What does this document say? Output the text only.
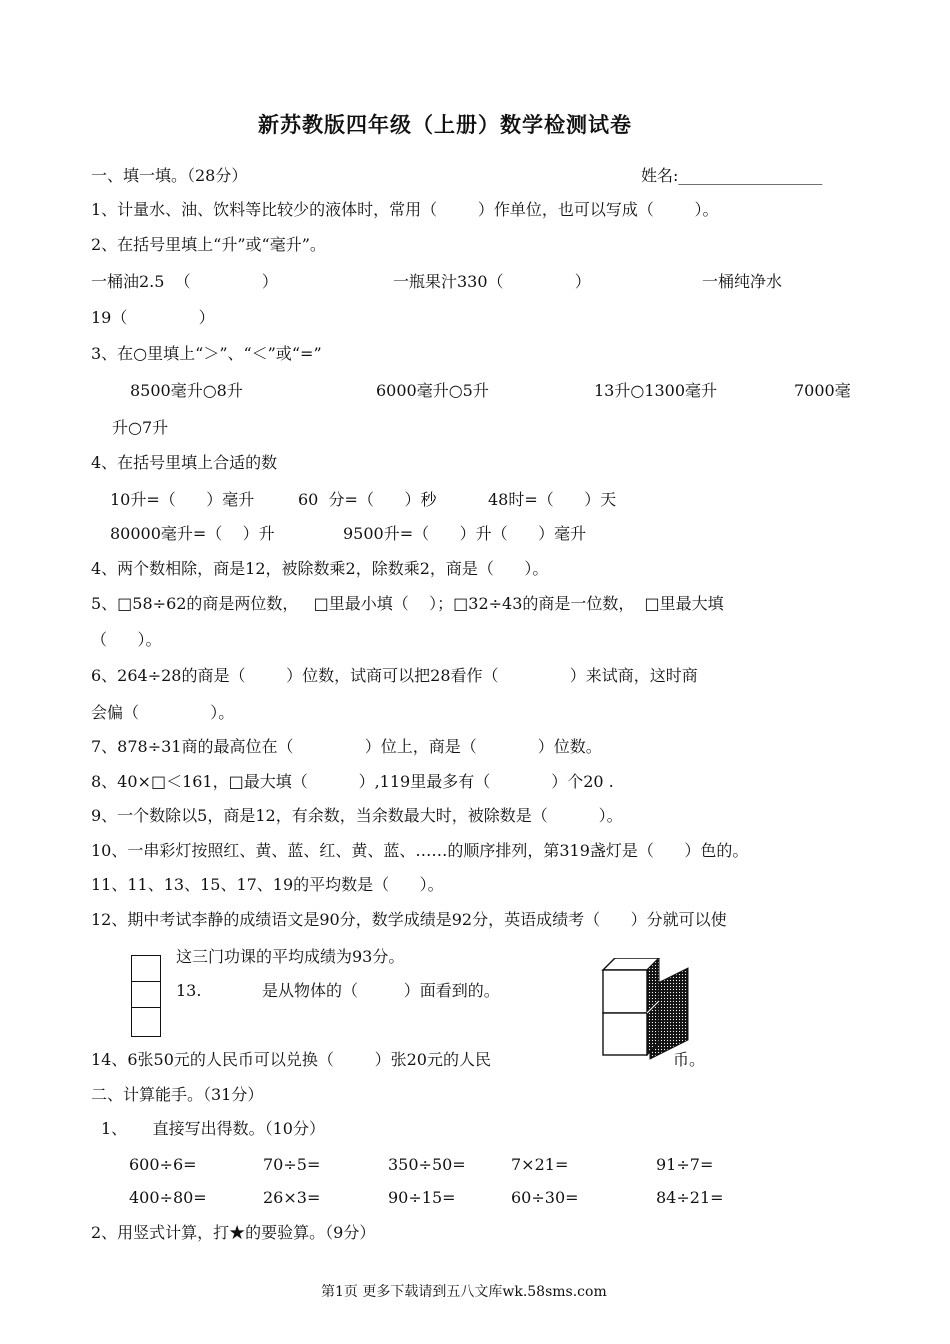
新苏教版四年级（上册）数学检测试卷
一、填一填。（28分）	姓名:__________________
1、计量水、油、饮料等比较少的液体时，常用（        ）作单位，也可以写成（        ）。
2、在括号里填上“升”或“毫升”。
一桶油2.5  （              ）	一瓶果汁330（              ）	一桶纯净水
19（              ）
3、在○里填上“＞”、“＜”或“=”
8500毫升○8升	6000毫升○5升	13升○1300毫升	7000毫
升○7升
4、在括号里填上合适的数
10升=（      ）毫升	60  分=（      ）秒	48时=（      ）天
80000毫升=（    ）升	9500升=（      ）升（      ）毫升
4、两个数相除，商是12，被除数乘2，除数乘2，商是（      ）。
5、□58÷62的商是两位数，   □里最小填（    ）；□32÷43的商是一位数，  □里最大填
（      ）。
6、264÷28的商是（        ）位数，试商可以把28看作（              ）来试商，这时商
会偏（              ）。
7、878÷31商的最高位在（              ）位上，商是（            ）位数。
8、40×□＜161，□最大填（          ）,119里最多有（            ）个20 .
9、一个数除以5，商是12，有余数，当余数最大时，被除数是（          ）。
10、一串彩灯按照红、黄、蓝、红、黄、蓝、……的顺序排列，第319盏灯是（      ）色的。
11、11、13、15、17、19的平均数是（      ）。
12、期中考试李静的成绩语文是90分，数学成绩是92分，英语成绩考（      ）分就可以使
这三门功课的平均成绩为93分。
13.	是从物体的（         ）面看到的。
14、6张50元的人民币可以兑换（        ）张20元的人民	币。
二、计算能手。（31分）
1、     直接写出得数。（10分）
600÷6=	70÷5=	350÷50=	7×21=	91÷7=
400÷80=	26×3=	90÷15=	60÷30=	84÷21=
2、用竖式计算，打★的要验算。（9分）
第1页 更多下载请到五八文库wk.58sms.com
